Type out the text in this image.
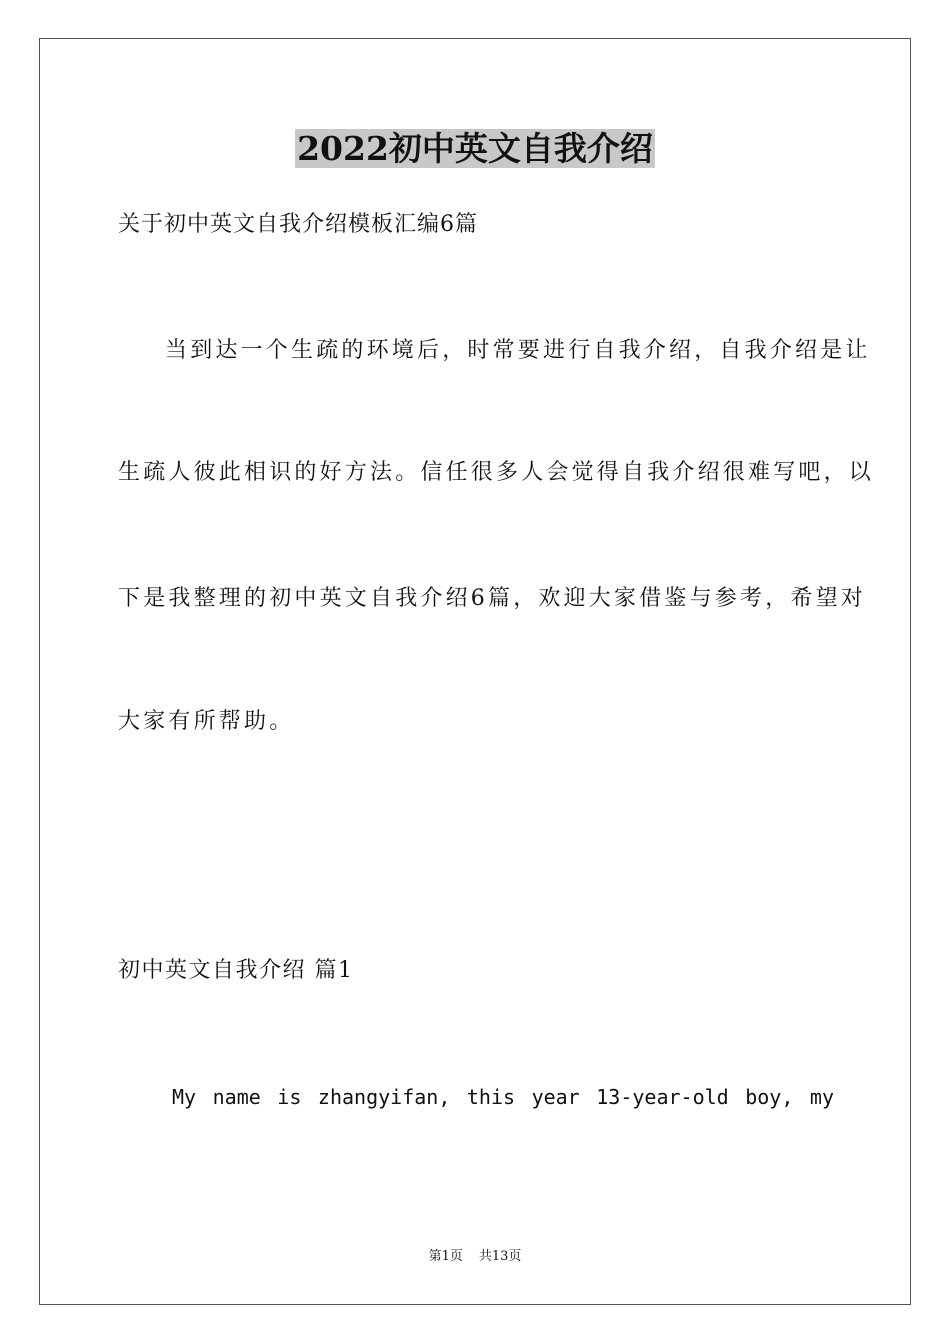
2022初中英文自我介绍
关于初中英文自我介绍模板汇编6篇
当到达一个生疏的环境后，时常要进行自我介绍，自我介绍是让
生疏人彼此相识的好方法。信任很多人会觉得自我介绍很难写吧，以
下是我整理的初中英文自我介绍6篇，欢迎大家借鉴与参考，希望对
大家有所帮助。
初中英文自我介绍 篇1
My name is zhangyifan, this year 13-year-old boy, my
第1页 共13页
